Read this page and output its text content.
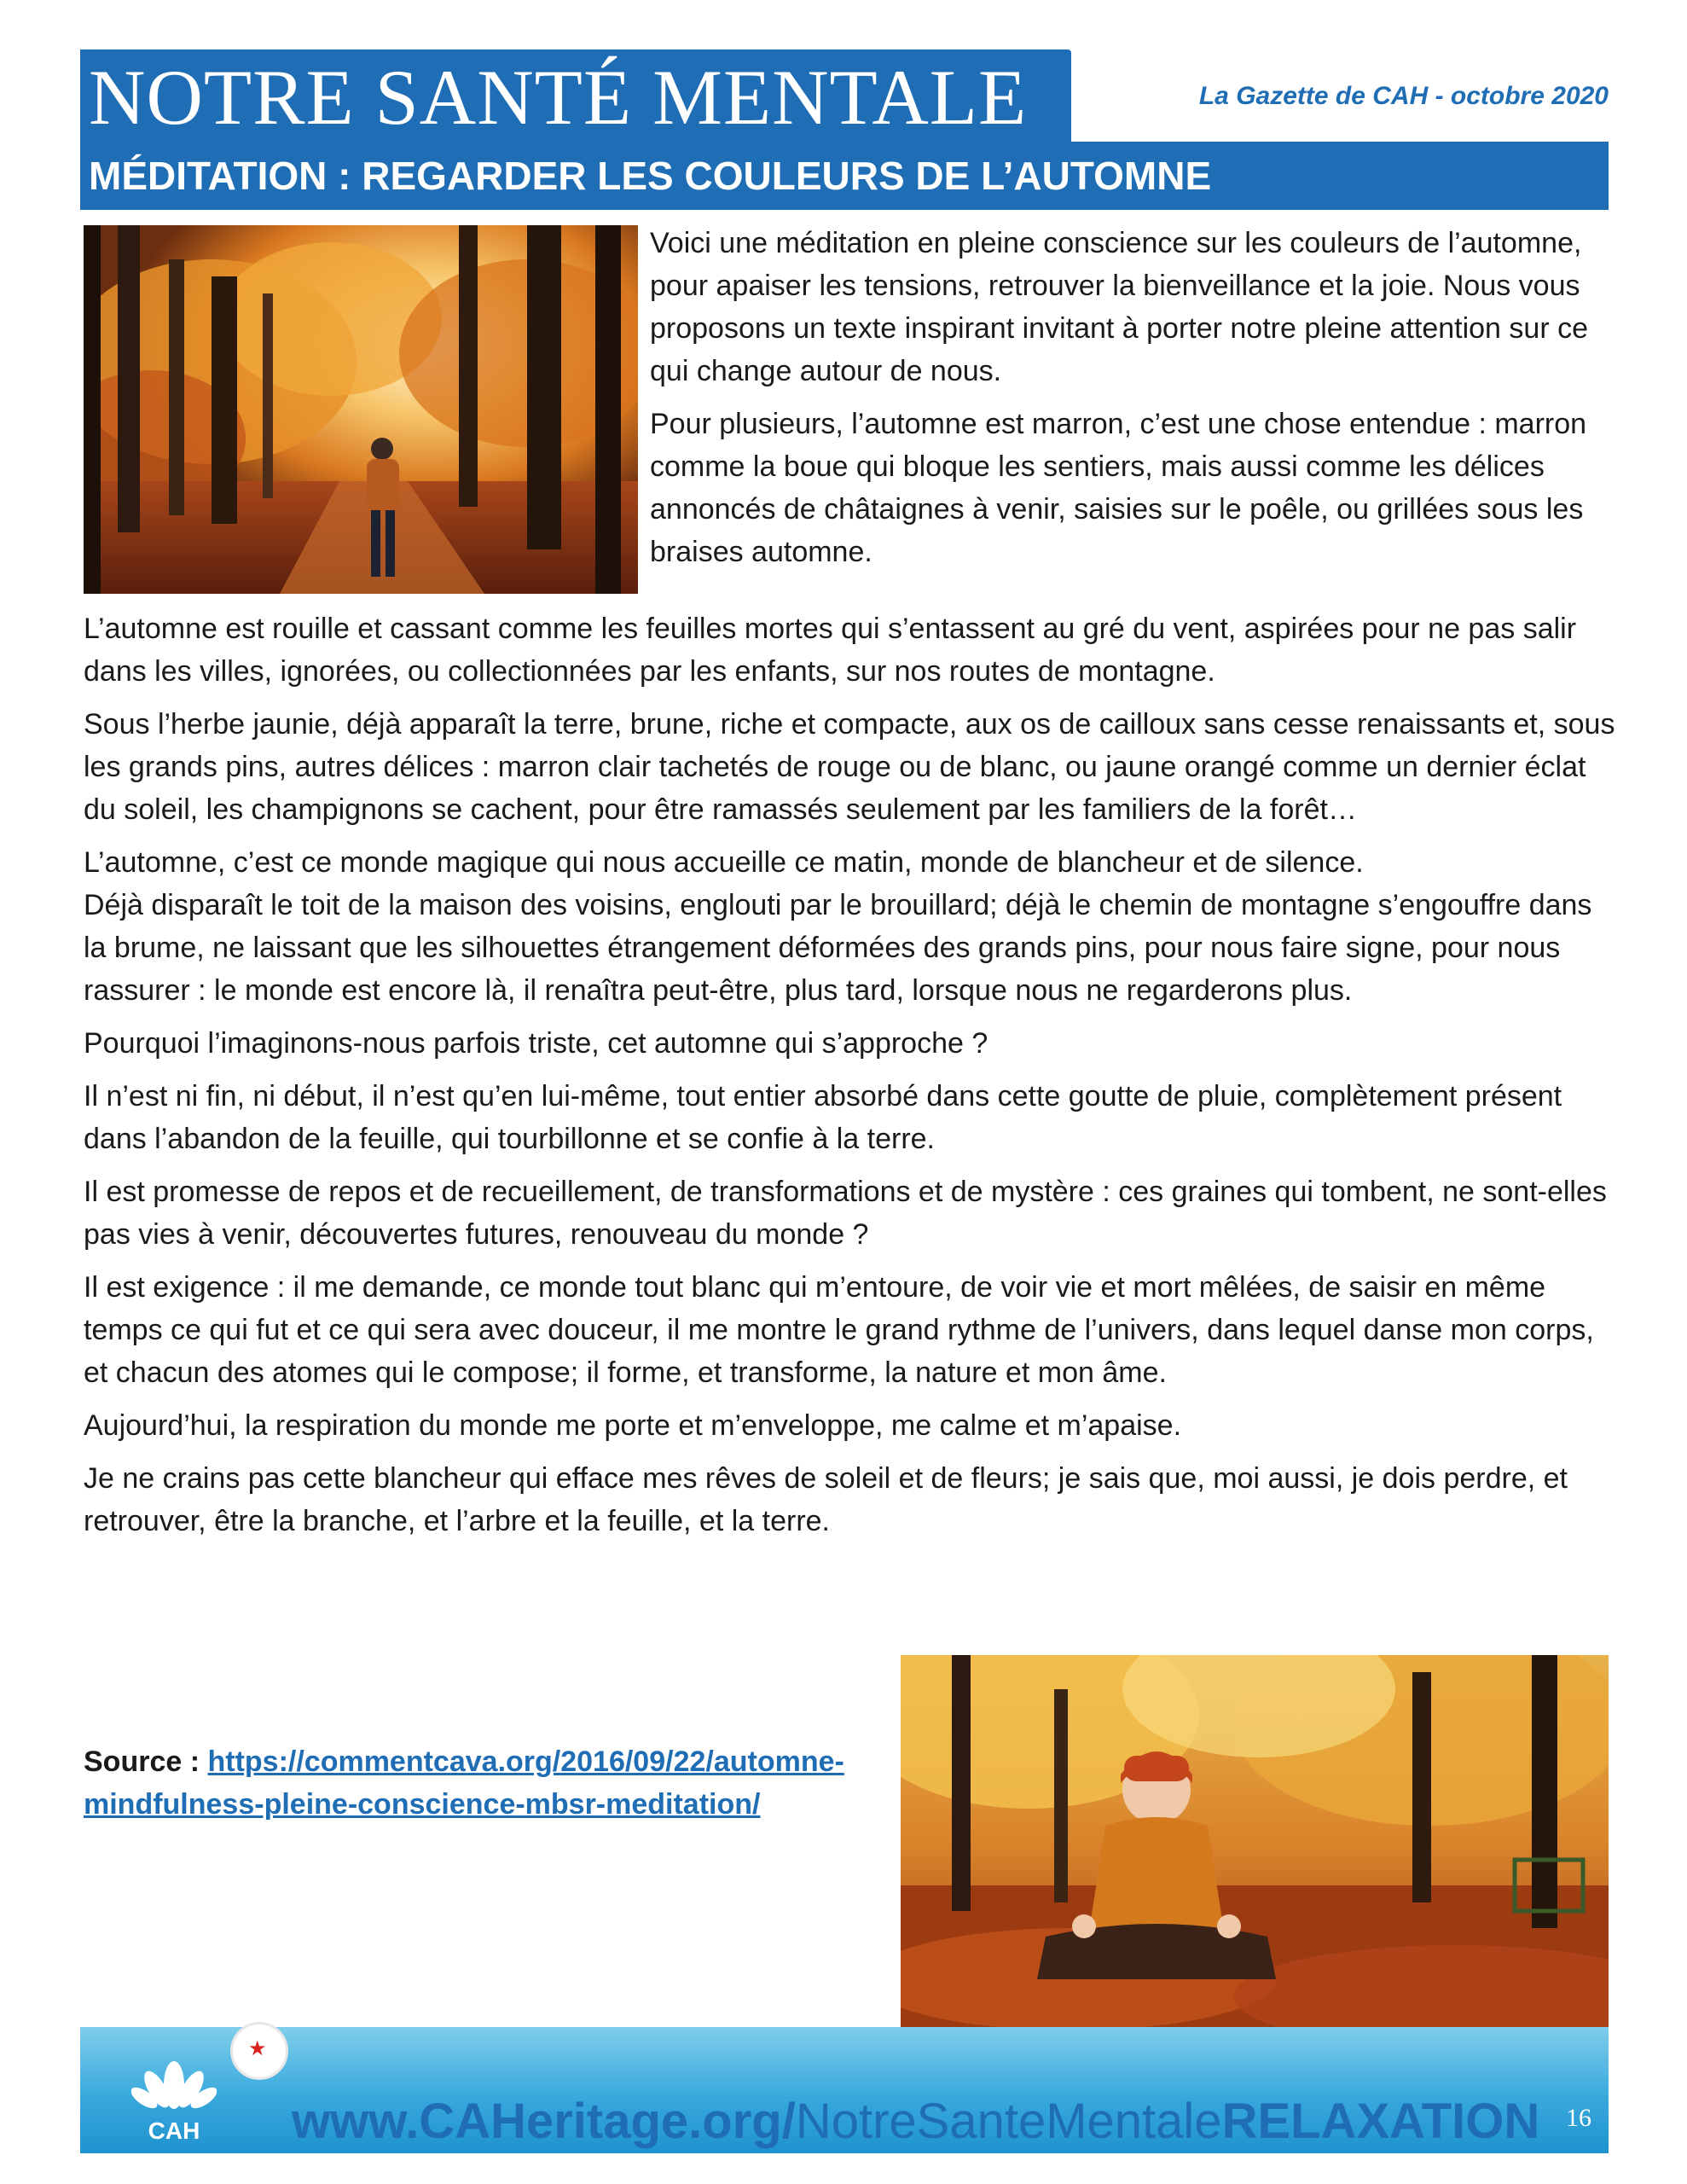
NOTRE SANTÉ MENTALE	La Gazette de CAH - octobre 2020
MÉDITATION : REGARDER LES COULEURS DE L’AUTOMNE

Voici une méditation en pleine conscience sur les couleurs de l’automne, pour apaiser les tensions, retrouver la bienveillance et la joie. Nous vous proposons un texte inspirant invitant à porter notre pleine attention sur ce qui change autour de nous.

Pour plusieurs, l’automne est marron, c’est une chose entendue : marron comme la boue qui bloque les sentiers, mais aussi comme les délices annoncés de châtaignes à venir, saisies sur le poêle, ou grillées sous les braises automne.

L’automne est rouille et cassant comme les feuilles mortes qui s’entassent au gré du vent, aspirées pour ne pas salir dans les villes, ignorées, ou collectionnées par les enfants, sur nos routes de montagne.

Sous l’herbe jaunie, déjà apparaît la terre, brune, riche et compacte, aux os de cailloux sans cesse renaissants et, sous les grands pins, autres délices : marron clair tachetés de rouge ou de blanc, ou jaune orangé comme un dernier éclat du soleil, les champignons se cachent, pour être ramassés seulement par les familiers de la forêt…

L’automne, c’est ce monde magique qui nous accueille ce matin, monde de blancheur et de silence.

Déjà disparaît le toit de la maison des voisins, englouti par le brouillard; déjà le chemin de montagne s’engouffre dans la brume, ne laissant que les silhouettes étrangement déformées des grands pins, pour nous faire signe, pour nous rassurer : le monde est encore là, il renaîtra peut-être, plus tard, lorsque nous ne regarderons plus.

Pourquoi l’imaginons-nous parfois triste, cet automne qui s’approche ?

Il n’est ni fin, ni début, il n’est qu’en lui-même, tout entier absorbé dans cette goutte de pluie, complètement présent dans l’abandon de la feuille, qui tourbillonne et se confie à la terre.

Il est promesse de repos et de recueillement, de transformations et de mystère : ces graines qui tombent, ne sont-elles pas vies à venir, découvertes futures, renouveau du monde ?

Il est exigence : il me demande, ce monde tout blanc qui m’entoure, de voir vie et mort mêlées, de saisir en même temps ce qui fut et ce qui sera avec douceur, il me montre le grand rythme de l’univers, dans lequel danse mon corps, et chacun des atomes qui le compose; il forme, et transforme, la nature et mon âme.

Aujourd’hui, la respiration du monde me porte et m’enveloppe, me calme et m’apaise.

Je ne crains pas cette blancheur qui efface mes rêves de soleil et de fleurs; je sais que, moi aussi, je dois perdre, et retrouver, être la branche, et l’arbre et la feuille, et la terre.

Source : https://commentcava.org/2016/09/22/automne-mindfulness-pleine-conscience-mbsr-meditation/
CAH
★
www.CAHeritage.org/NotreSanteMentaleRELAXATION 16
